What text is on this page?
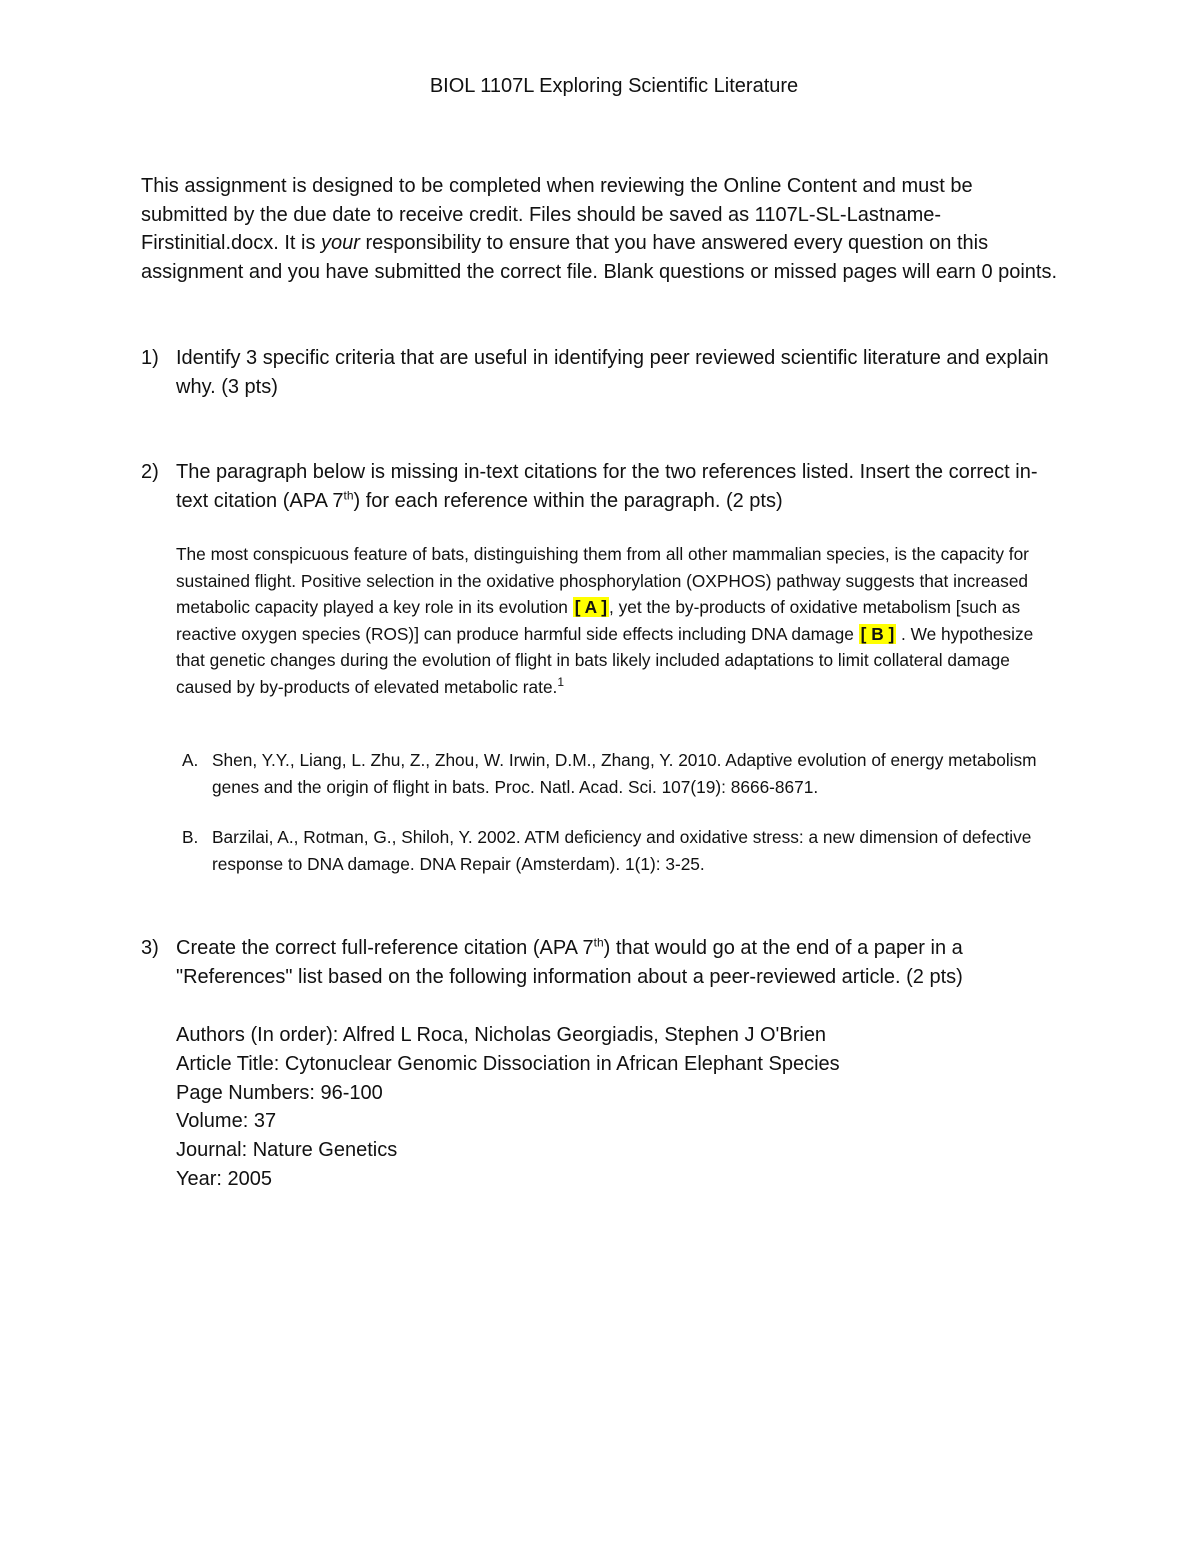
BIOL 1107L Exploring Scientific Literature
This assignment is designed to be completed when reviewing the Online Content and must be submitted by the due date to receive credit. Files should be saved as 1107L-SL-Lastname-Firstinitial.docx. It is your responsibility to ensure that you have answered every question on this assignment and you have submitted the correct file. Blank questions or missed pages will earn 0 points.
1) Identify 3 specific criteria that are useful in identifying peer reviewed scientific literature and explain why. (3 pts)
2) The paragraph below is missing in-text citations for the two references listed. Insert the correct in-text citation (APA 7th) for each reference within the paragraph. (2 pts)
The most conspicuous feature of bats, distinguishing them from all other mammalian species, is the capacity for sustained flight. Positive selection in the oxidative phosphorylation (OXPHOS) pathway suggests that increased metabolic capacity played a key role in its evolution [ A ] , yet the by-products of oxidative metabolism [such as reactive oxygen species (ROS)] can produce harmful side effects including DNA damage [ B ] . We hypothesize that genetic changes during the evolution of flight in bats likely included adaptations to limit collateral damage caused by by-products of elevated metabolic rate.$^1$
A. Shen, Y.Y., Liang, L. Zhu, Z., Zhou, W. Irwin, D.M., Zhang, Y. 2010. Adaptive evolution of energy metabolism genes and the origin of flight in bats. Proc. Natl. Acad. Sci. 107(19): 8666-8671.
B. Barzilai, A., Rotman, G., Shiloh, Y. 2002. ATM deficiency and oxidative stress: a new dimension of defective response to DNA damage. DNA Repair (Amsterdam). 1(1): 3-25.
3) Create the correct full-reference citation (APA 7th) that would go at the end of a paper in a "References" list based on the following information about a peer-reviewed article. (2 pts)
Authors (In order): Alfred L Roca, Nicholas Georgiadis, Stephen J O'Brien
Article Title: Cytonuclear Genomic Dissociation in African Elephant Species
Page Numbers: 96-100
Volume: 37
Journal: Nature Genetics
Year: 2005
